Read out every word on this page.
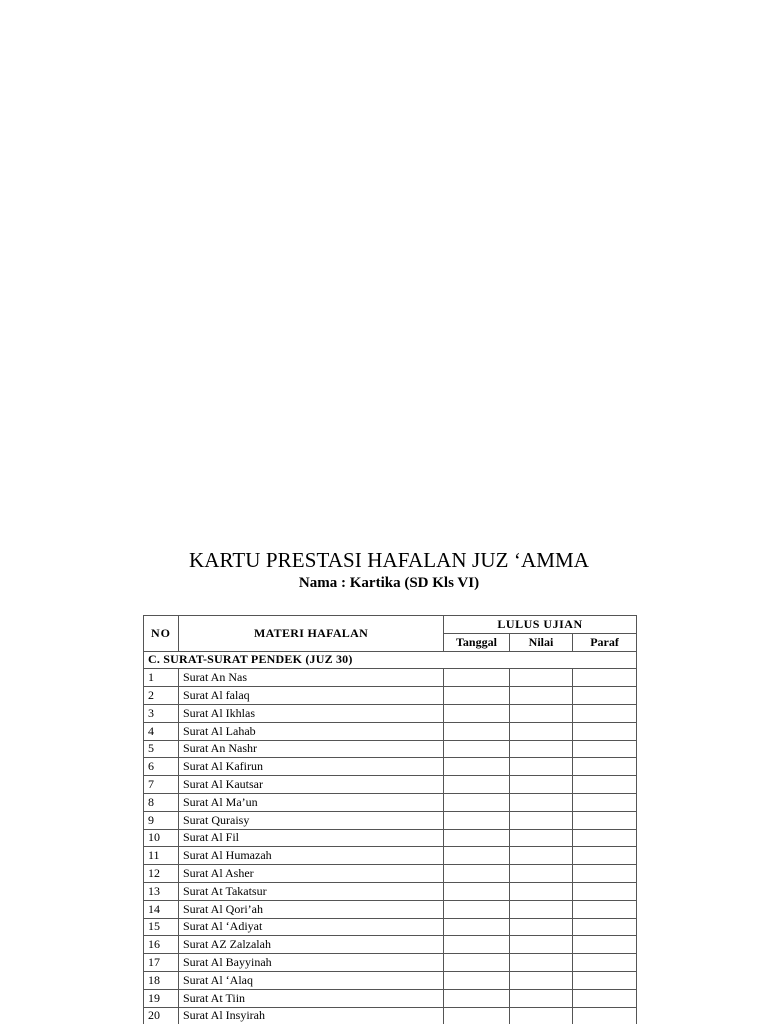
KARTU PRESTASI HAFALAN JUZ ‘AMMA
Nama : Kartika (SD Kls VI)
NO	MATERI HAFALAN	LULUS UJIAN		
		Tanggal	Nilai	Paraf
C. SURAT-SURAT PENDEK (JUZ 30)				
1	Surat An Nas			
2	Surat Al falaq			
3	Surat Al Ikhlas			
4	Surat Al Lahab			
5	Surat An Nashr			
6	Surat Al Kafirun			
7	Surat Al Kautsar			
8	Surat Al Ma’un			
9	Surat Quraisy			
10	Surat Al Fil			
11	Surat Al Humazah			
12	Surat Al Asher			
13	Surat At Takatsur			
14	Surat Al Qori’ah			
15	Surat Al ‘Adiyat			
16	Surat AZ Zalzalah			
17	Surat Al Bayyinah			
18	Surat Al ‘Alaq			
19	Surat At Tiin			
20	Surat Al Insyirah			
